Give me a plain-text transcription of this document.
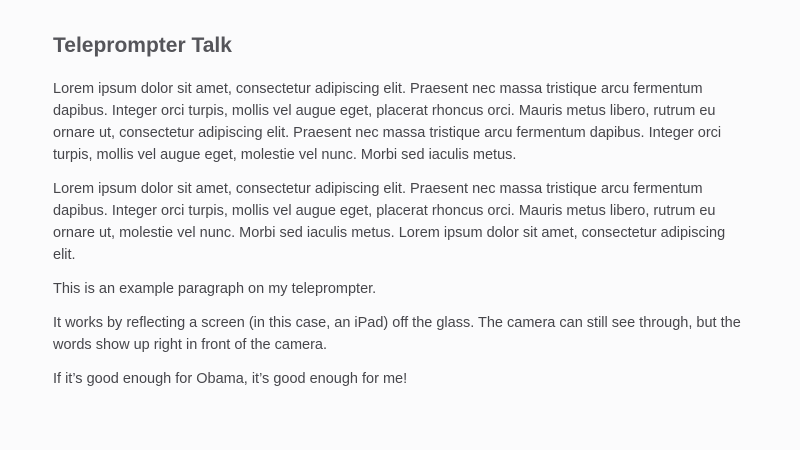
Teleprompter Talk

Lorem ipsum dolor sit amet, consectetur adipiscing elit. Praesent nec massa tristique arcu fermentum dapibus. Integer orci turpis, mollis vel augue eget, placerat rhoncus orci. Mauris metus libero, rutrum eu ornare ut, consectetur adipiscing elit. Praesent nec massa tristique arcu fermentum dapibus. Integer orci turpis, mollis vel augue eget, molestie vel nunc. Morbi sed iaculis metus.

Lorem ipsum dolor sit amet, consectetur adipiscing elit. Praesent nec massa tristique arcu fermentum dapibus. Integer orci turpis, mollis vel augue eget, placerat rhoncus orci. Mauris metus libero, rutrum eu ornare ut, molestie vel nunc. Morbi sed iaculis metus. Lorem ipsum dolor sit amet, consectetur adipiscing elit.

This is an example paragraph on my teleprompter.

It works by reflecting a screen (in this case, an iPad) off the glass. The camera can still see through, but the words show up right in front of the camera.

If it’s good enough for Obama, it’s good enough for me!
